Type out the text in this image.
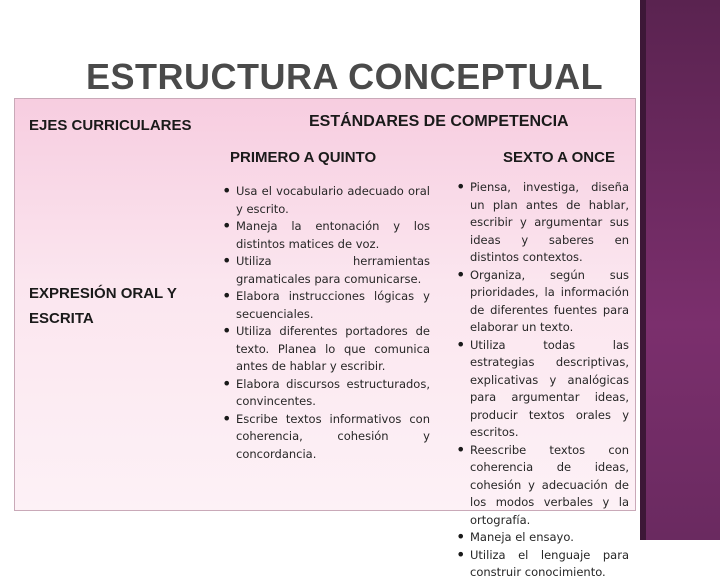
ESTRUCTURA CONCEPTUAL
EJES CURRICULARES	ESTÁNDARES DE COMPETENCIA
PRIMERO A QUINTO	SEXTO A ONCE
EXPRESIÓN ORAL Y ESCRITA
• Usa el vocabulario adecuado oral y escrito.
• Maneja la entonación y los distintos matices de voz.
• Utiliza herramientas gramaticales para comunicarse.
• Elabora instrucciones lógicas y secuenciales.
• Utiliza diferentes portadores de texto. Planea lo que comunica antes de hablar y escribir.
• Elabora discursos estructurados, convincentes.
• Escribe textos informativos con coherencia, cohesión y concordancia.
• Piensa, investiga, diseña un plan antes de hablar, escribir y argumentar sus ideas y saberes en distintos contextos.
• Organiza, según sus prioridades, la información de diferentes fuentes para elaborar un texto.
• Utiliza todas las estrategias descriptivas, explicativas y analógicas para argumentar ideas, producir textos orales y escritos.
• Reescribe textos con coherencia de ideas, cohesión y adecuación de los modos verbales y la ortografía.
• Maneja el ensayo.
• Utiliza el lenguaje para construir conocimiento.
